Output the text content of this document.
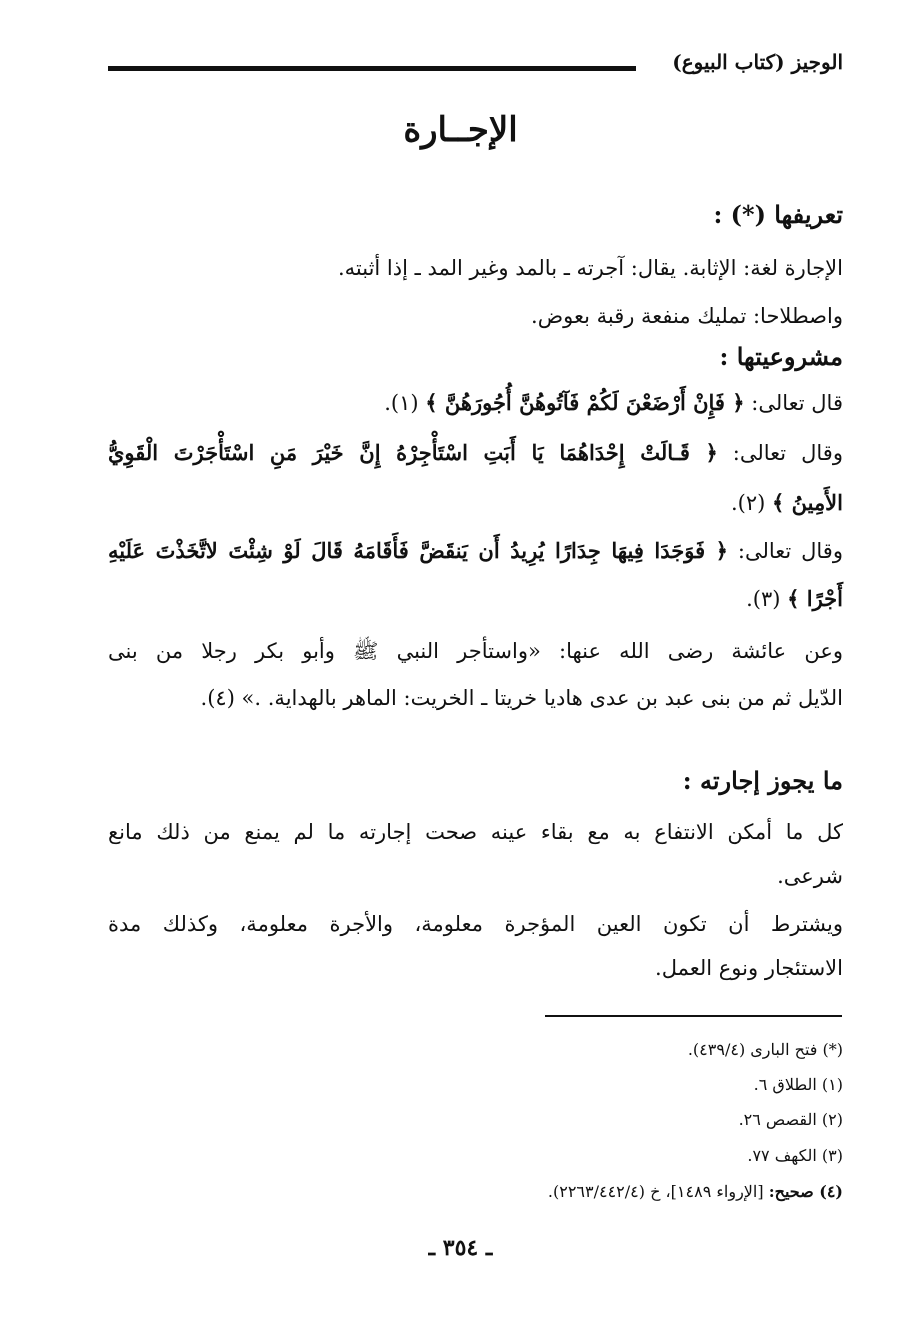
الوجيز (كتاب البيوع)
الإجــارة
تعريفها (*) :
الإجارة لغة: الإثابة. يقال: آجرته ـ بالمد وغير المد ـ إذا أثبته.
واصطلاحا: تمليك منفعة رقبة بعوض.
مشروعيتها :
قال تعالى: ﴿ فَإِنْ أَرْضَعْنَ لَكُمْ فَآتُوهُنَّ أُجُورَهُنَّ ﴾ (١).
وقال تعالى: ﴿ قَـالَتْ إِحْدَاهُمَا يَا أَبَتِ اسْتَأْجِرْهُ إِنَّ خَيْرَ مَنِ اسْتَأْجَرْتَ الْقَوِيُّ
الأَمِينُ ﴾ (٢).
وقال تعالى: ﴿ فَوَجَدَا فِيهَا جِدَارًا يُرِيدُ أَن يَنقَضَّ فَأَقَامَهُ قَالَ لَوْ شِئْتَ لاتَّخَذْتَ عَلَيْهِ
أَجْرًا ﴾ (٣).
وعن عائشة رضى الله عنها: «واستأجر النبي ﷺ وأبو بكر رجلا من بنى
الدّيل ثم من بنى عبد بن عدى هاديا خريتا ـ الخريت: الماهر بالهداية. .» (٤).
ما يجوز إجارته :
كل ما أمكن الانتفاع به مع بقاء عينه صحت إجارته ما لم يمنع من ذلك مانع
شرعى.
ويشترط أن تكون العين المؤجرة معلومة، والأجرة معلومة، وكذلك مدة
الاستئجار ونوع العمل.
(*) فتح البارى (٤٣٩/٤).
(١) الطلاق ٦.
(٢) القصص ٢٦.
(٣) الكهف ٧٧.
(٤) صحيح: [الإرواء ١٤٨٩]، خ (٢٢٦٣/٤٤٢/٤).
ـ ٣٥٤ ـ
